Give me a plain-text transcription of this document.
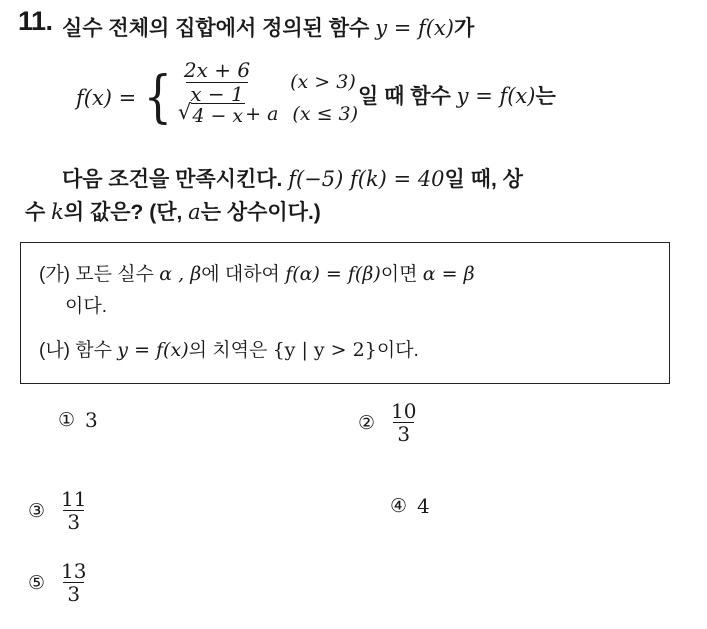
11. 실수 전체의 집합에서 정의된 함수 y = f(x)가
f(x) = { $\frac{2x + 6}{x - 1} (x > 3)$
√ 4 − x + a (x ≤ 3)
일 때 함수 y = f(x)는
다음 조건을 만족시킨다. f(−5) f(k) = 40일 때, 상
수 k의 값은? (단, a는 상수이다.)
(가) 모든 실수 α , β에 대하여 f(α) = f(β)이면 α = β
이다.
(나) 함수 y = f(x)의 치역은 {y | y > 2}이다.
① 3	② $\frac{10}{3}$
③ $\frac{11}{3}$	④ 4
⑤ $\frac{13}{3}$
